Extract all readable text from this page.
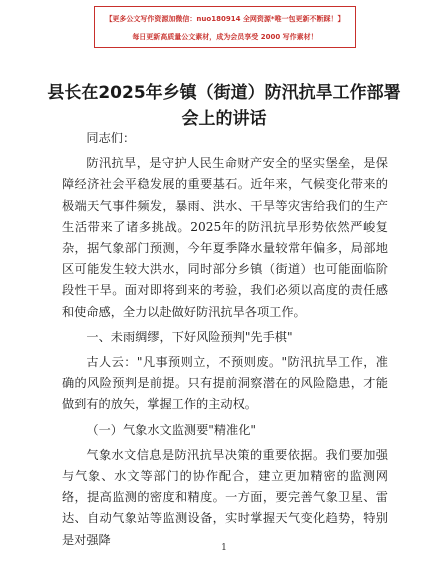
【更多公文写作资源加微信：nuo180914 全网资源*唯一包更新不断踩！】
每日更新高质量公文素材，成为会员享受 2000 写作素材！
县长在2025年乡镇（街道）防汛抗旱工作部署
会上的讲话

同志们：

防汛抗旱，是守护人民生命财产安全的坚实堡垒，是保障经济社会平稳发展的重要基石。近年来，气候变化带来的极端天气事件频发，暴雨、洪水、干旱等灾害给我们的生产生活带来了诸多挑战。2025年的防汛抗旱形势依然严峻复杂，据气象部门预测，今年夏季降水量较常年偏多，局部地区可能发生较大洪水，同时部分乡镇（街道）也可能面临阶段性干旱。面对即将到来的考验，我们必须以高度的责任感和使命感，全力以赴做好防汛抗旱各项工作。

一、未雨绸缪，下好风险预判"先手棋"

古人云："凡事预则立，不预则废。"防汛抗旱工作，准确的风险预判是前提。只有提前洞察潜在的风险隐患，才能做到有的放矢，掌握工作的主动权。

（一）气象水文监测要"精准化"

气象水文信息是防汛抗旱决策的重要依据。我们要加强与气象、水文等部门的协作配合，建立更加精密的监测网络，提高监测的密度和精度。一方面，要完善气象卫星、雷达、自动气象站等监测设备，实时掌握天气变化趋势，特别是对强降

1
